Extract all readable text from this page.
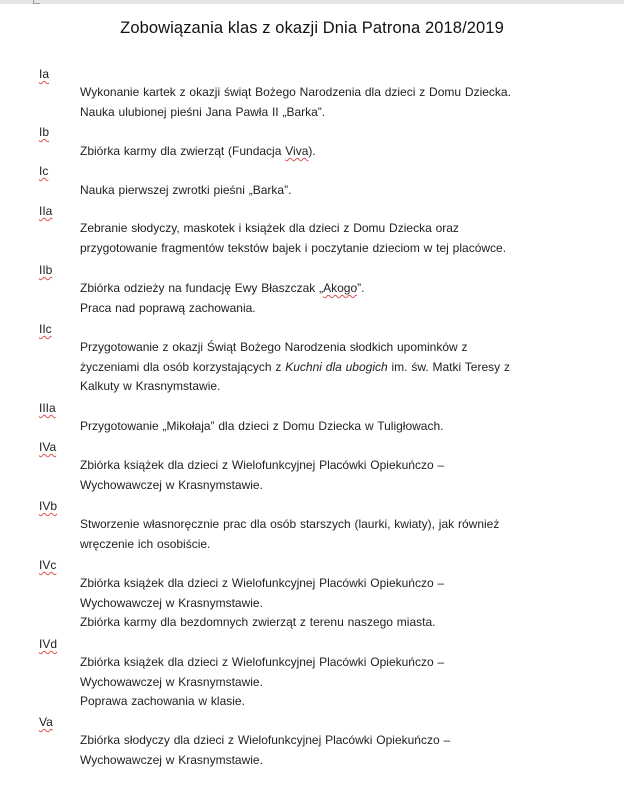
Zobowiązania klas z okazji Dnia Patrona 2018/2019
Ia

Wykonanie kartek z okazji świąt Bożego Narodzenia dla dzieci z Domu Dziecka.

Nauka ulubionej pieśni Jana Pawła II „Barka”.

Ib

Zbiórka karmy dla zwierząt (Fundacja Viva).

Ic

Nauka pierwszej zwrotki pieśni „Barka”.

IIa

Zebranie słodyczy, maskotek i książek dla dzieci z Domu Dziecka oraz

przygotowanie fragmentów tekstów bajek i poczytanie dzieciom w tej placówce.

IIb

Zbiórka odzieży na fundację Ewy Błaszczak „Akogo”.

Praca nad poprawą zachowania.

IIc

Przygotowanie z okazji Świąt Bożego Narodzenia słodkich upominków z

życzeniami dla osób korzystających z Kuchni dla ubogich im. św. Matki Teresy z

Kalkuty w Krasnymstawie.

IIIa

Przygotowanie „Mikołaja” dla dzieci z Domu Dziecka w Tuligłowach.

IVa

Zbiórka książek dla dzieci z Wielofunkcyjnej Placówki Opiekuńczo –

Wychowawczej w Krasnymstawie.

IVb

Stworzenie własnoręcznie prac dla osób starszych (laurki, kwiaty), jak również

wręczenie ich osobiście.

IVc

Zbiórka książek dla dzieci z Wielofunkcyjnej Placówki Opiekuńczo –

Wychowawczej w Krasnymstawie.

Zbiórka karmy dla bezdomnych zwierząt z terenu naszego miasta.

IVd

Zbiórka książek dla dzieci z Wielofunkcyjnej Placówki Opiekuńczo –

Wychowawczej w Krasnymstawie.

Poprawa zachowania w klasie.

Va

Zbiórka słodyczy dla dzieci z Wielofunkcyjnej Placówki Opiekuńczo –

Wychowawczej w Krasnymstawie.
